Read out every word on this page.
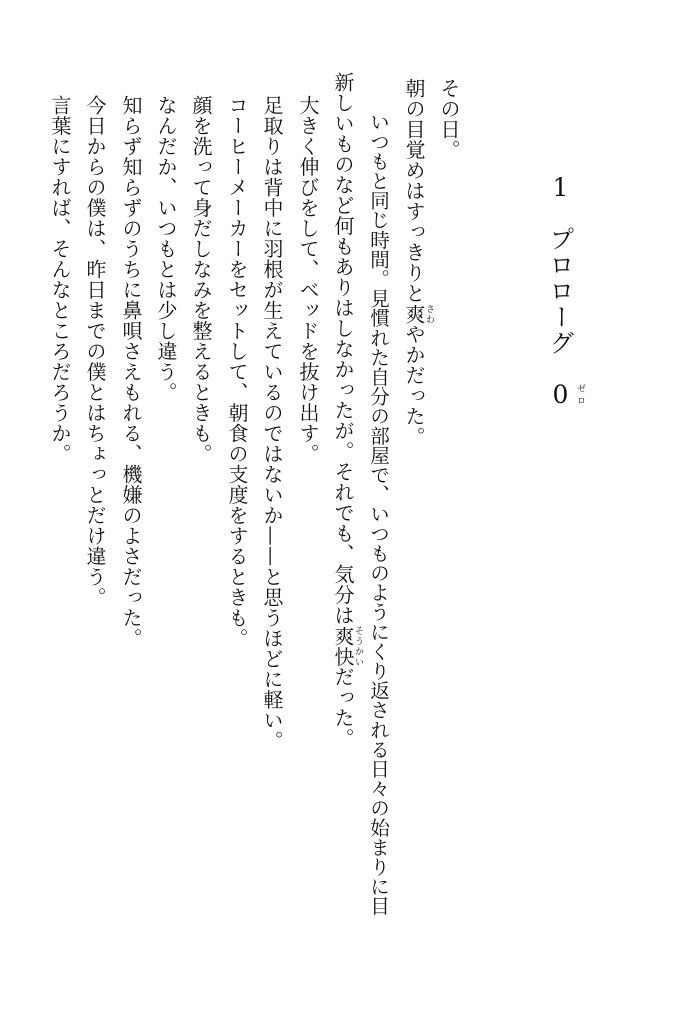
1　プロローグ　0 ゼロ
その日。
朝の目覚めはすっきりと爽さわやかだった。
いつもと同じ時間。見慣れた自分の部屋で、いつものようにくり返される日々の始まりに目
新しいものなど何もありはしなかったが。それでも、気分は爽快そうかいだった。
大きく伸びをして、ベッドを抜け出す。
足取りは背中に羽根が生えているのではないか——と思うほどに軽い。
コーヒーメーカーをセットして、朝食の支度をするときも。
顔を洗って身だしなみを整えるときも。
なんだか、いつもとは少し違う。
知らず知らずのうちに鼻唄さえもれる、機嫌のよさだった。
今日からの僕は、昨日までの僕とはちょっとだけ違う。
言葉にすれば、そんなところだろうか。
